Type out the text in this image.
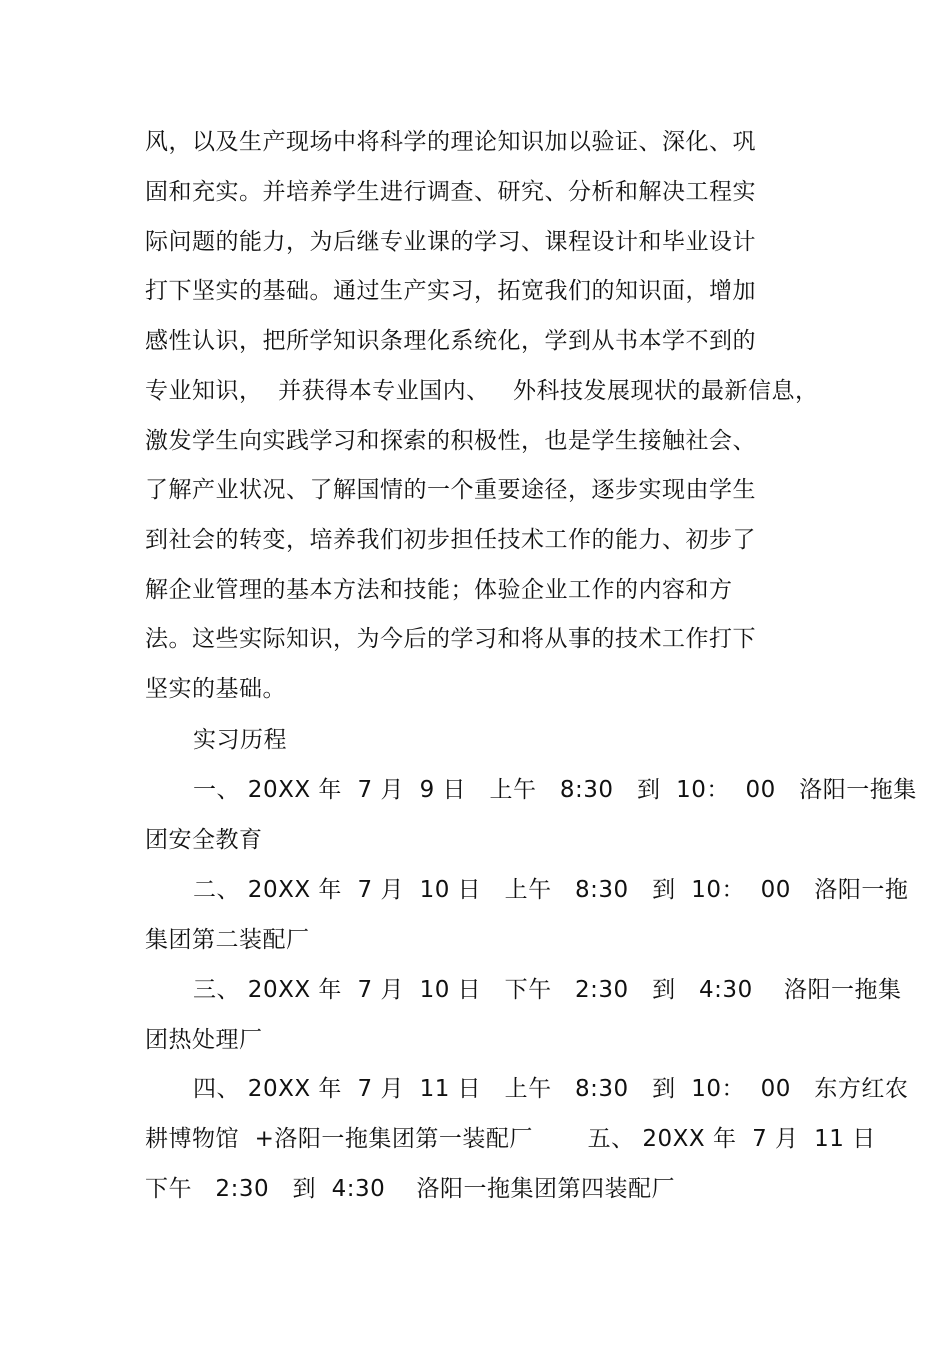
风，以及生产现场中将科学的理论知识加以验证、深化、巩
固和充实。并培养学生进行调查、研究、分析和解决工程实
际问题的能力，为后继专业课的学习、课程设计和毕业设计
打下坚实的基础。通过生产实习，拓宽我们的知识面，增加
感性认识，把所学知识条理化系统化，学到从书本学不到的
专业知识，  并获得本专业国内、   外科技发展现状的最新信息，
激发学生向实践学习和探索的积极性，也是学生接触社会、
了解产业状况、了解国情的一个重要途径，逐步实现由学生
到社会的转变，培养我们初步担任技术工作的能力、初步了
解企业管理的基本方法和技能；体验企业工作的内容和方
法。这些实际知识，为今后的学习和将从事的技术工作打下
坚实的基础。
实习历程
一、 20XX 年  7 月  9 日   上午   8:30   到  10：  00   洛阳一拖集
团安全教育
二、 20XX 年  7 月  10 日   上午   8:30   到  10：  00   洛阳一拖
集团第二装配厂
三、 20XX 年  7 月  10 日   下午   2:30   到   4:30    洛阳一拖集
团热处理厂
四、 20XX 年  7 月  11 日   上午   8:30   到  10：  00   东方红农
耕博物馆  +洛阳一拖集团第一装配厂       五、 20XX 年  7 月  11 日
下午   2:30   到  4:30    洛阳一拖集团第四装配厂
